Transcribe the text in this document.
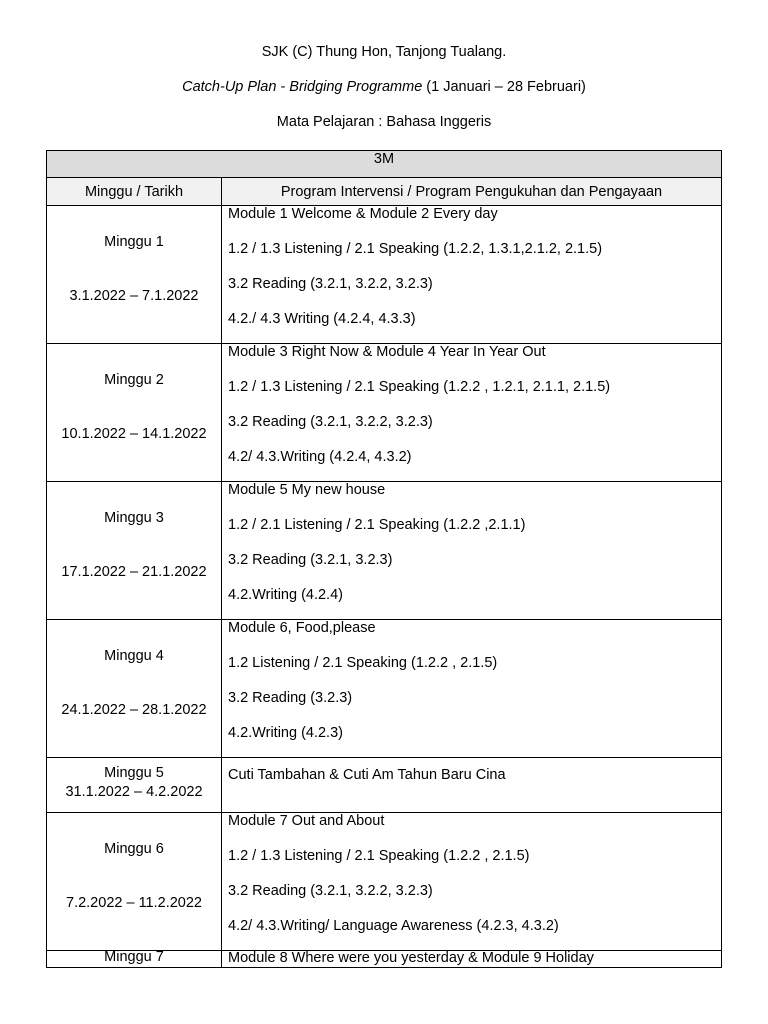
SJK (C) Thung Hon, Tanjong Tualang.
Catch-Up Plan - Bridging Programme (1 Januari – 28 Februari)
Mata Pelajaran : Bahasa Inggeris
3M	
Minggu / Tarikh	Program Intervensi / Program Pengukuhan dan Pengayaan

Minggu 1
3.1.2022 – 7.1.2022	Module 1 Welcome & Module 2 Every day
1.2 / 1.3 Listening / 2.1 Speaking (1.2.2, 1.3.1,2.1.2, 2.1.5)
3.2 Reading (3.2.1, 3.2.2, 3.2.3)
4.2./ 4.3 Writing (4.2.4, 4.3.3)

Minggu 2
10.1.2022 – 14.1.2022	Module 3 Right Now & Module 4 Year In Year Out
1.2 / 1.3 Listening / 2.1 Speaking (1.2.2 , 1.2.1, 2.1.1, 2.1.5)
3.2 Reading (3.2.1, 3.2.2, 3.2.3)
4.2/ 4.3.Writing (4.2.4, 4.3.2)

Minggu 3
17.1.2022 – 21.1.2022	Module 5 My new house
1.2 / 2.1 Listening / 2.1 Speaking (1.2.2 ,2.1.1)
3.2 Reading (3.2.1, 3.2.3)
4.2.Writing (4.2.4)

Minggu 4
24.1.2022 – 28.1.2022	Module 6, Food,please
1.2 Listening / 2.1 Speaking (1.2.2 , 2.1.5)
3.2 Reading (3.2.3)
4.2.Writing (4.2.3)

Minggu 5
31.1.2022 – 4.2.2022	Cuti Tambahan & Cuti Am Tahun Baru Cina

Minggu 6
7.2.2022 – 11.2.2022	Module 7 Out and About
1.2 / 1.3 Listening / 2.1 Speaking (1.2.2 , 2.1.5)
3.2 Reading (3.2.1, 3.2.2, 3.2.3)
4.2/ 4.3.Writing/ Language Awareness (4.2.3, 4.3.2)

Minggu 7	Module 8 Where were you yesterday & Module 9 Holiday
